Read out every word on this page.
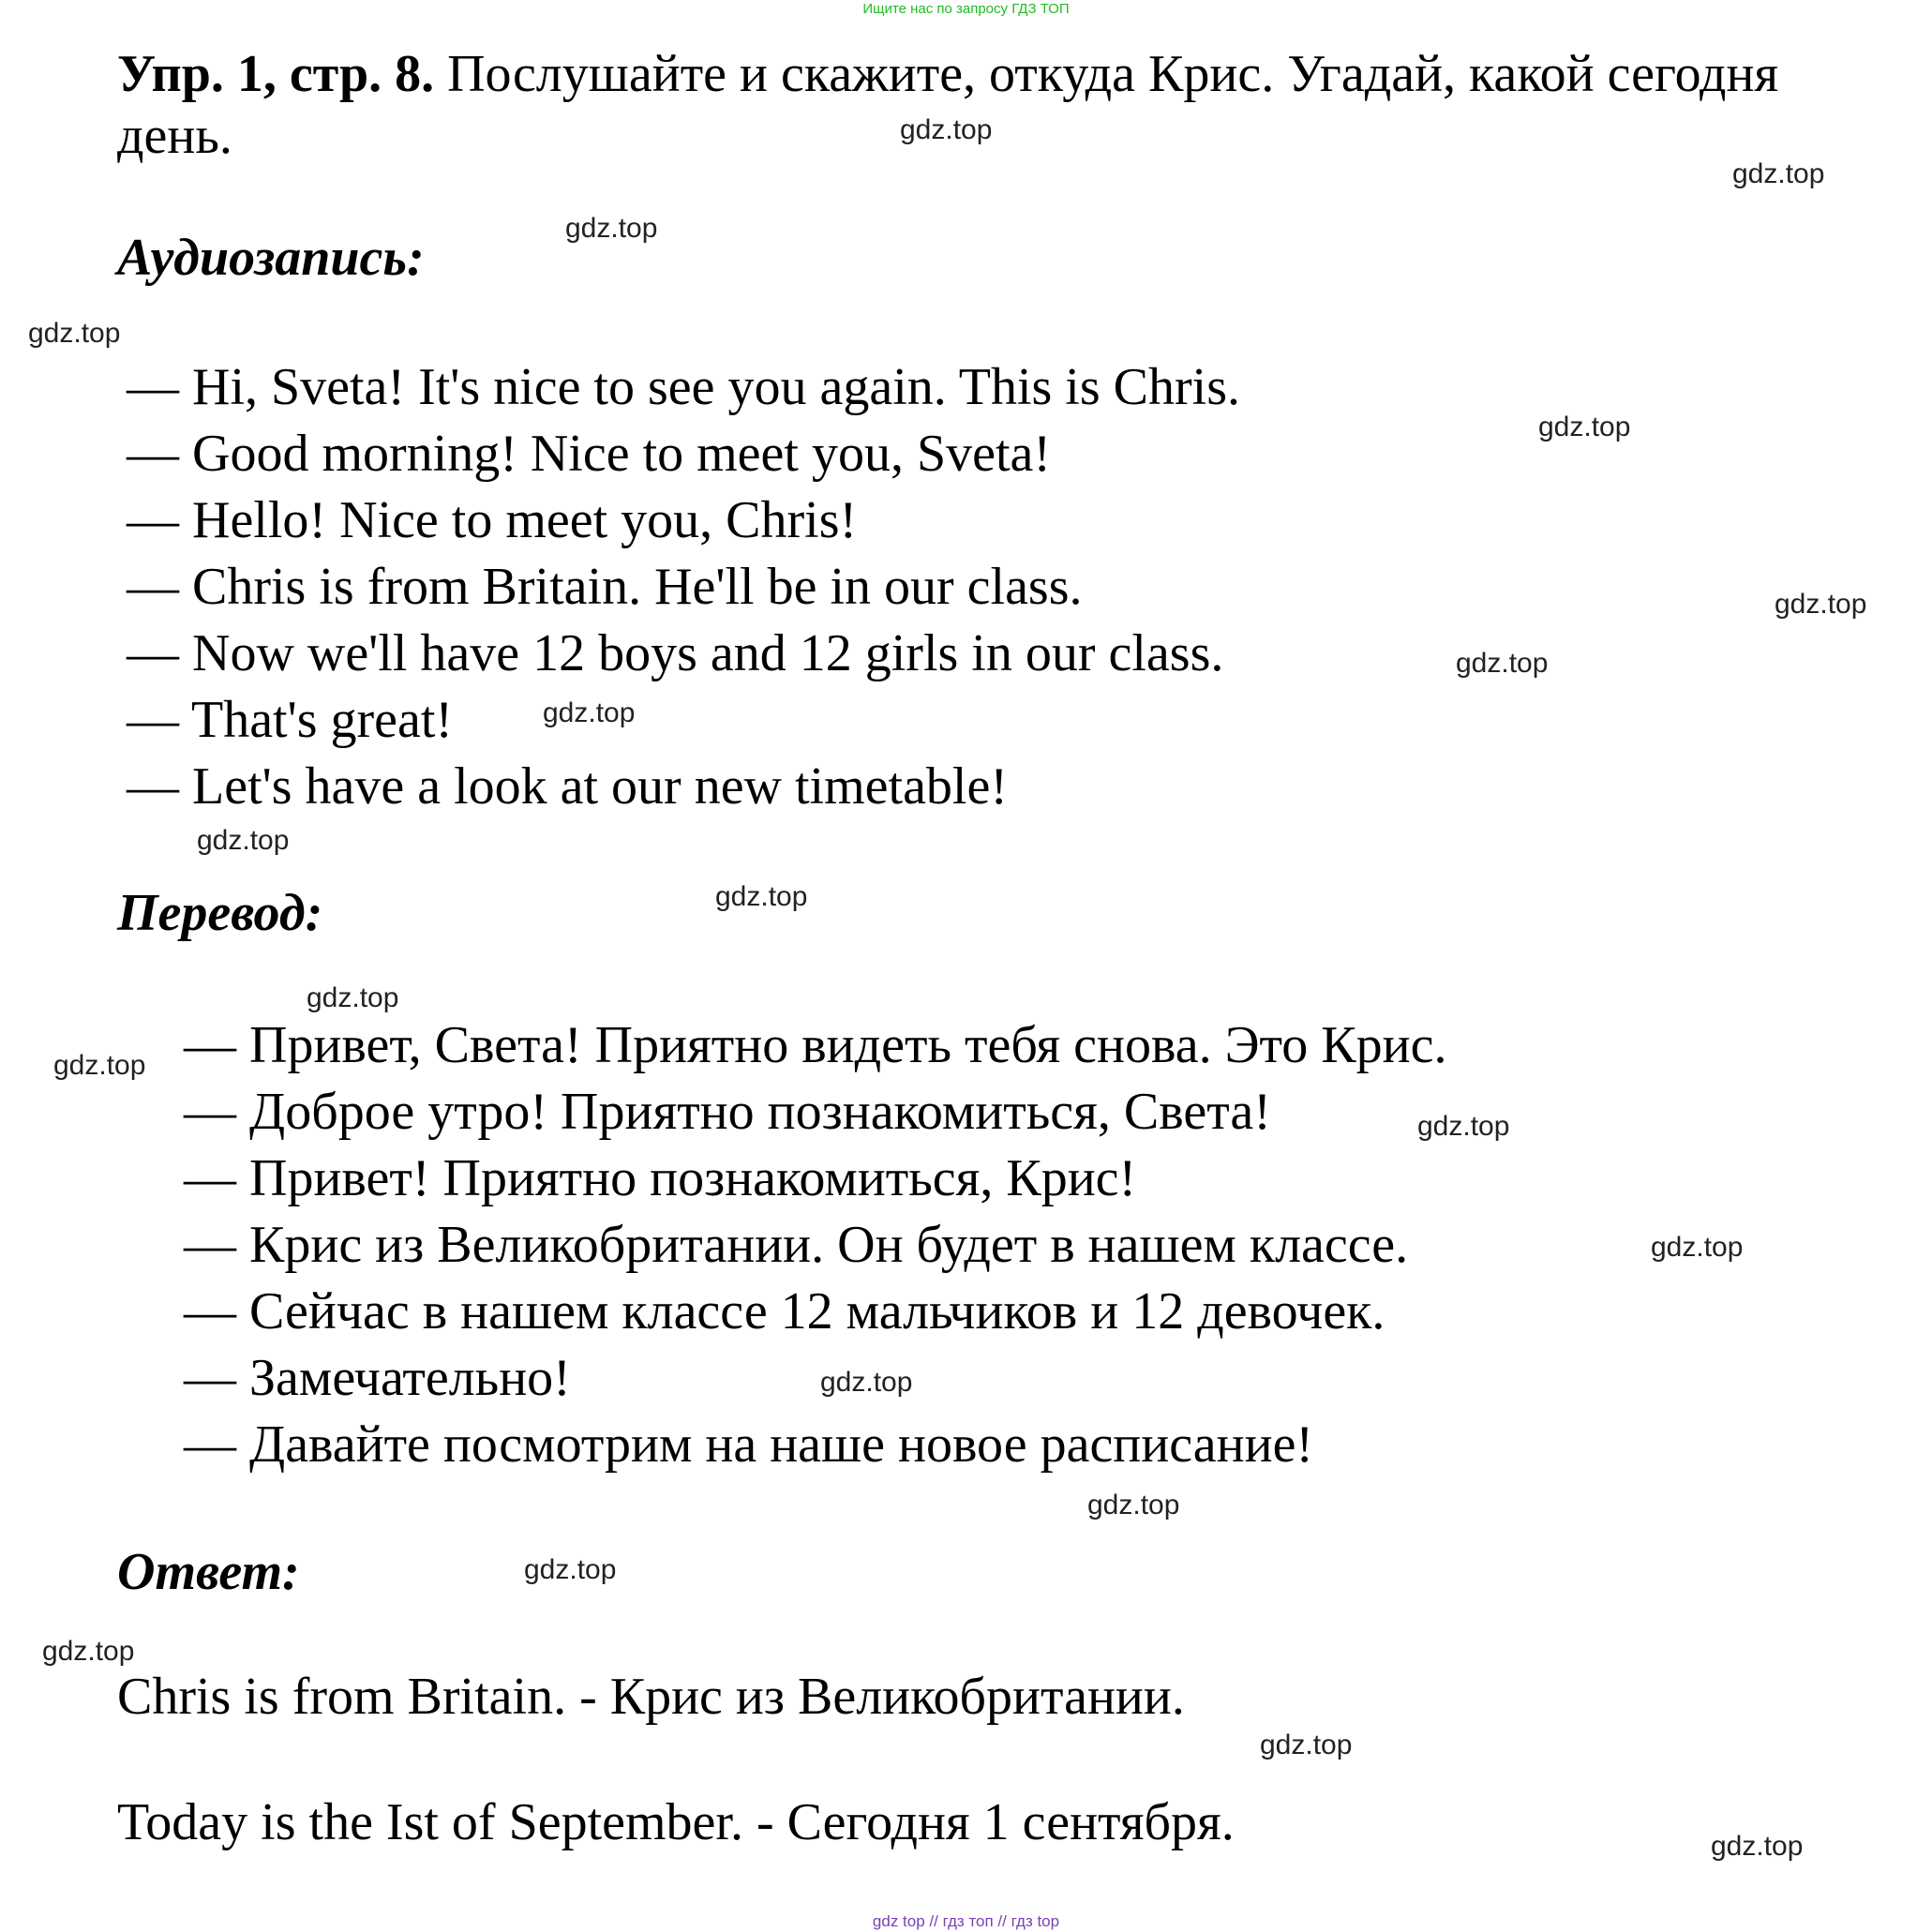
Ищите нас по запросу ГДЗ ТОП
Упр. 1, стр. 8. Послушайте и скажите, откуда Крис. Угадай, какой сегодня день.
Аудиозапись:
— Hi, Sveta! It's nice to see you again. This is Chris.
— Good morning! Nice to meet you, Sveta!
— Hello! Nice to meet you, Chris!
— Chris is from Britain. He'll be in our class.
— Now we'll have 12 boys and 12 girls in our class.
— That's great!
— Let's have a look at our new timetable!
Перевод:
— Привет, Света! Приятно видеть тебя снова. Это Крис.
— Доброе утро! Приятно познакомиться, Света!
— Привет! Приятно познакомиться, Крис!
— Крис из Великобритании. Он будет в нашем классе.
— Сейчас в нашем классе 12 мальчиков и 12 девочек.
— Замечательно!
— Давайте посмотрим на наше новое расписание!
Ответ:
Chris is from Britain. - Крис из Великобритании.
Today is the Ist of September. - Сегодня 1 сентября.
gdz.top
gdz.top
gdz.top
gdz.top
gdz.top
gdz.top
gdz.top
gdz.top
gdz.top
gdz.top
gdz.top
gdz.top
gdz.top
gdz.top
gdz.top
gdz.top
gdz.top
gdz.top
gdz.top
gdz.top
gdz top // гдз топ // гдз top
